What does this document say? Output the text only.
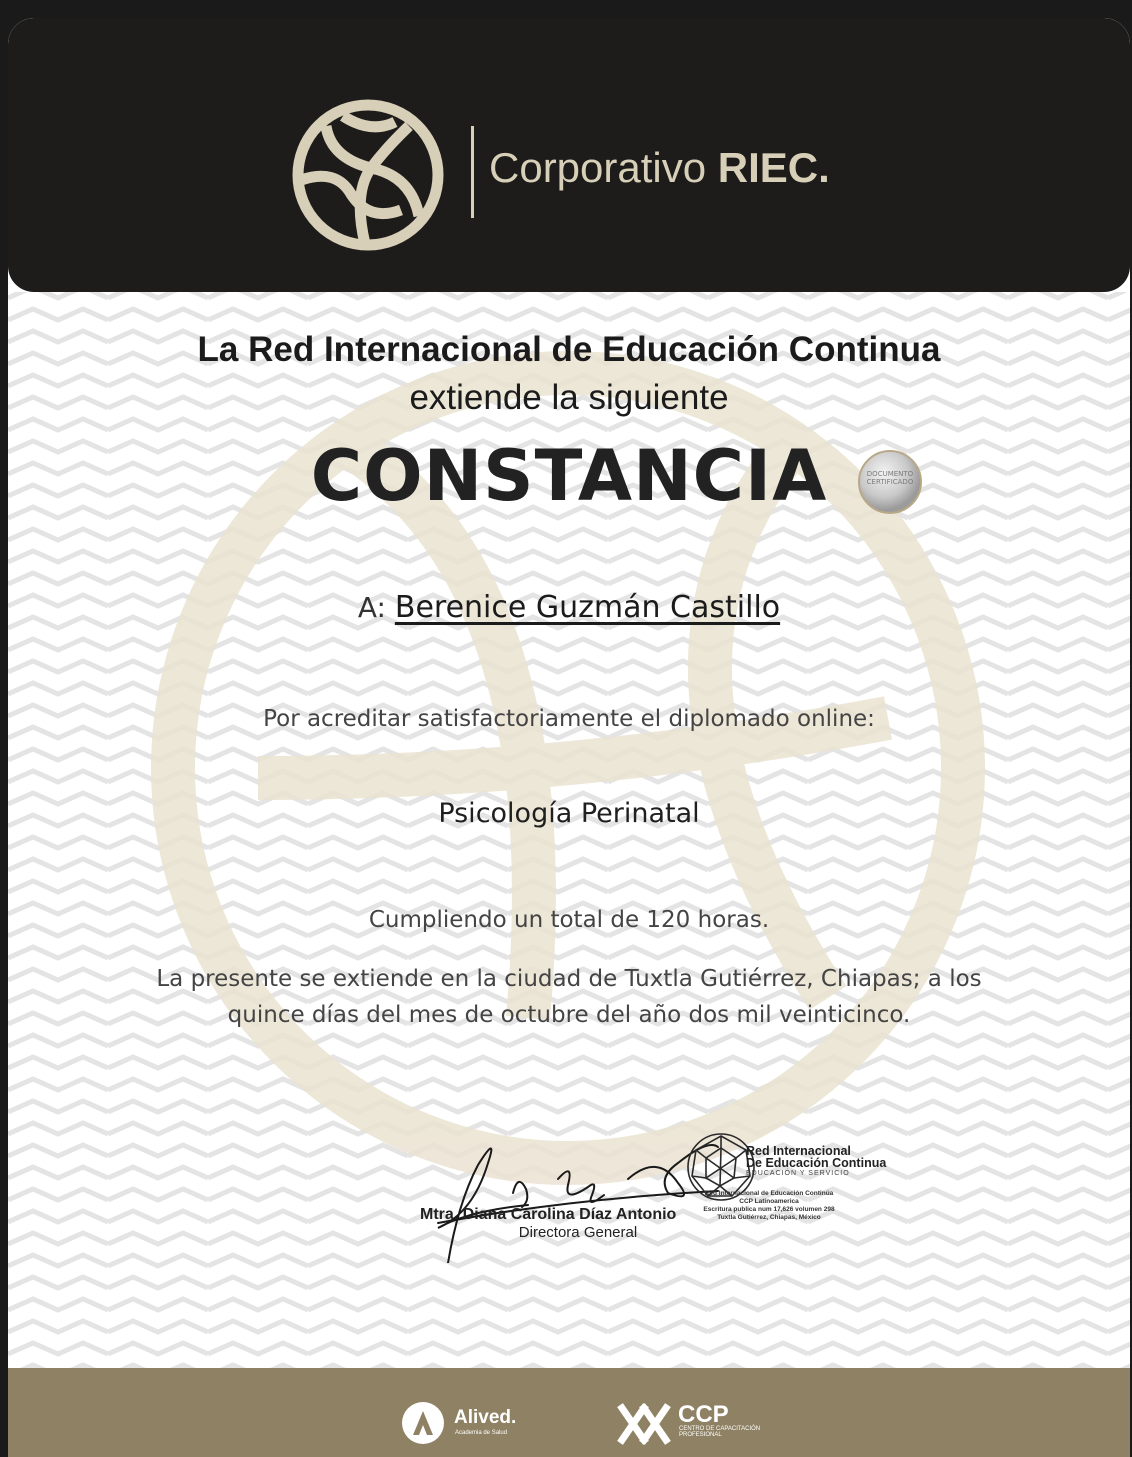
Corporativo RIEC.
La Red Internacional de Educación Continua
extiende la siguiente
CONSTANCIA	DOCUMENTO CERTIFICADO
A: Berenice Guzmán Castillo
Por acreditar satisfactoriamente el diplomado online:
Psicología Perinatal
Cumpliendo un total de 120 horas.
La presente se extiende en la ciudad de Tuxtla Gutiérrez, Chiapas; a los
quince días del mes de octubre del año dos mil veinticinco.
Red Internacional
De Educación Continua
EDUCACIÓN Y SERVICIO
Red Internacional de Educación Continúa
CCP Latinoamerica
Escritura publica num 17,626 volumen 298
Tuxtla Gutiérrez, Chiapas, México
Mtra. Diana Carolina Díaz Antonio
Directora General
Alived.
Academia de Salud
CCP
CENTRO DE CAPACITACIÓN
PROFESIONAL
